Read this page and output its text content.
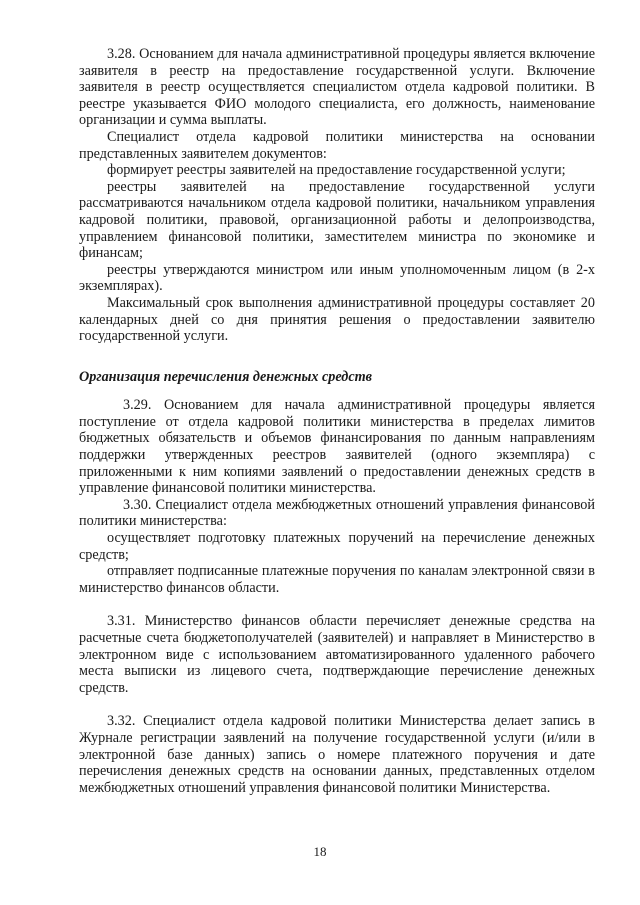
3.28. Основанием для начала административной процедуры является включение заявителя в реестр на предоставление государственной услуги. Включение заявителя в реестр осуществляется специалистом отдела кадровой политики. В реестре указывается ФИО молодого специалиста, его должность, наименование организации и сумма выплаты.

Специалист отдела кадровой политики министерства на основании представленных заявителем документов:

формирует реестры заявителей на предоставление государственной услуги;

реестры заявителей на предоставление государственной услуги рассматриваются начальником отдела кадровой политики, начальником управления кадровой политики, правовой, организационной работы и делопроизводства, управлением финансовой политики, заместителем министра по экономике и финансам;

реестры утверждаются министром или иным уполномоченным лицом (в 2-х экземплярах).

Максимальный срок выполнения административной процедуры составляет 20 календарных дней со дня принятия решения о предоставлении заявителю государственной услуги.

Организация перечисления денежных средств

3.29. Основанием для начала административной процедуры является поступление от отдела кадровой политики министерства в пределах лимитов бюджетных обязательств и объемов финансирования по данным направлениям поддержки утвержденных реестров заявителей (одного экземпляра) с приложенными к ним копиями заявлений о предоставлении денежных средств в управление финансовой политики министерства.

3.30. Специалист отдела межбюджетных отношений управления финансовой политики министерства:

осуществляет подготовку платежных поручений на перечисление денежных средств;

отправляет подписанные платежные поручения по каналам электронной связи в министерство финансов области.

3.31. Министерство финансов области перечисляет денежные средства на расчетные счета бюджетополучателей (заявителей) и направляет в Министерство в электронном виде с использованием автоматизированного удаленного рабочего места выписки из лицевого счета, подтверждающие перечисление денежных средств.

3.32. Специалист отдела кадровой политики Министерства делает запись в Журнале регистрации заявлений на получение государственной услуги (и/или в электронной базе данных) запись о номере платежного поручения и дате перечисления денежных средств на основании данных, представленных отделом межбюджетных отношений управления финансовой политики Министерства.

18
